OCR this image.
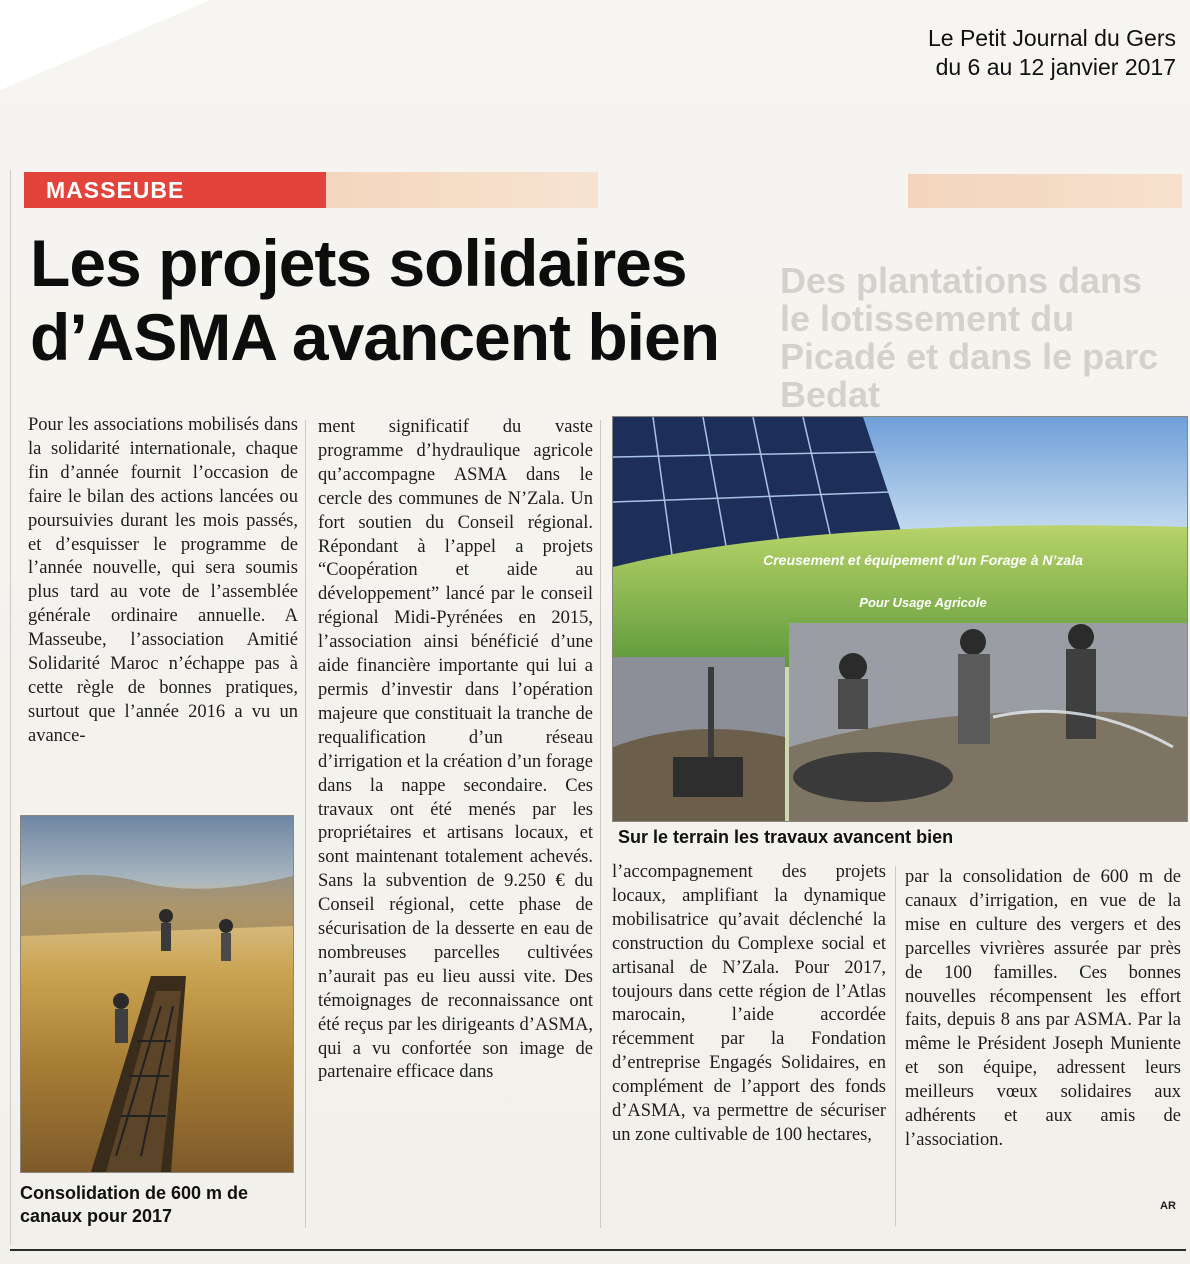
Des plantations dans le lotissement du Picadé et dans le parc Bedat
Le Petit Journal du Gers
du 6 au 12 janvier 2017
MASSEUBE
Les projets solidaires
d’ASMA avancent bien

Pour les associations mobilisés dans la solidarité internationale, chaque fin d’année fournit l’occasion de faire le bilan des actions lancées ou poursuivies durant les mois passés, et d’esquisser le programme de l’année nouvelle, qui sera soumis plus tard au vote de l’assemblée générale ordinaire annuelle. A Masseube, l’association Amitié Solidarité Maroc n’échappe pas à cette règle de bonnes pratiques, surtout que l’année 2016 a vu un avance-

ment significatif du vaste programme d’hydraulique agricole qu’accompagne ASMA dans le cercle des communes de N’Zala. Un fort soutien du Conseil régional. Répondant à l’appel a projets “Coopération et aide au développement” lancé par le conseil régional Midi-Pyrénées en 2015, l’association ainsi bénéficié d’une aide financière importante qui lui a permis d’investir dans l’opération majeure que constituait la tranche de requalification d’un réseau d’irrigation et la création d’un forage dans la nappe secondaire. Ces travaux ont été menés par les propriétaires et artisans locaux, et sont maintenant totalement achevés. Sans la subvention de 9.250 € du Conseil régional, cette phase de sécurisation de la desserte en eau de nombreuses parcelles cultivées n’aurait pas eu lieu aussi vite. Des témoignages de reconnaissance ont été reçus par les dirigeants d’ASMA, qui a vu confortée son image de partenaire efficace dans

l’accompagnement des projets locaux, amplifiant la dynamique mobilisatrice qu’avait déclenché la construction du Complexe social et artisanal de N’Zala. Pour 2017, toujours dans cette région de l’Atlas marocain, l’aide accordée récemment par la Fondation d’entreprise Engagés Solidaires, en complément de l’apport des fonds d’ASMA, va permettre de sécuriser un zone cultivable de 100 hectares,

par la consolidation de 600 m de canaux d’irrigation, en vue de la mise en culture des vergers et des parcelles vivrières assurée par près de 100 familles. Ces bonnes nouvelles récompensent les effort faits, depuis 8 ans par ASMA. Par la même le Président Joseph Muniente et son équipe, adressent leurs meilleurs vœux solidaires aux adhérents et aux amis de l’association.

Creusement et équipement d’un Forage à N’zala
Pour Usage Agricole
Consolidation de 600 m de canaux pour 2017
Sur le terrain les travaux avancent bien
AR
